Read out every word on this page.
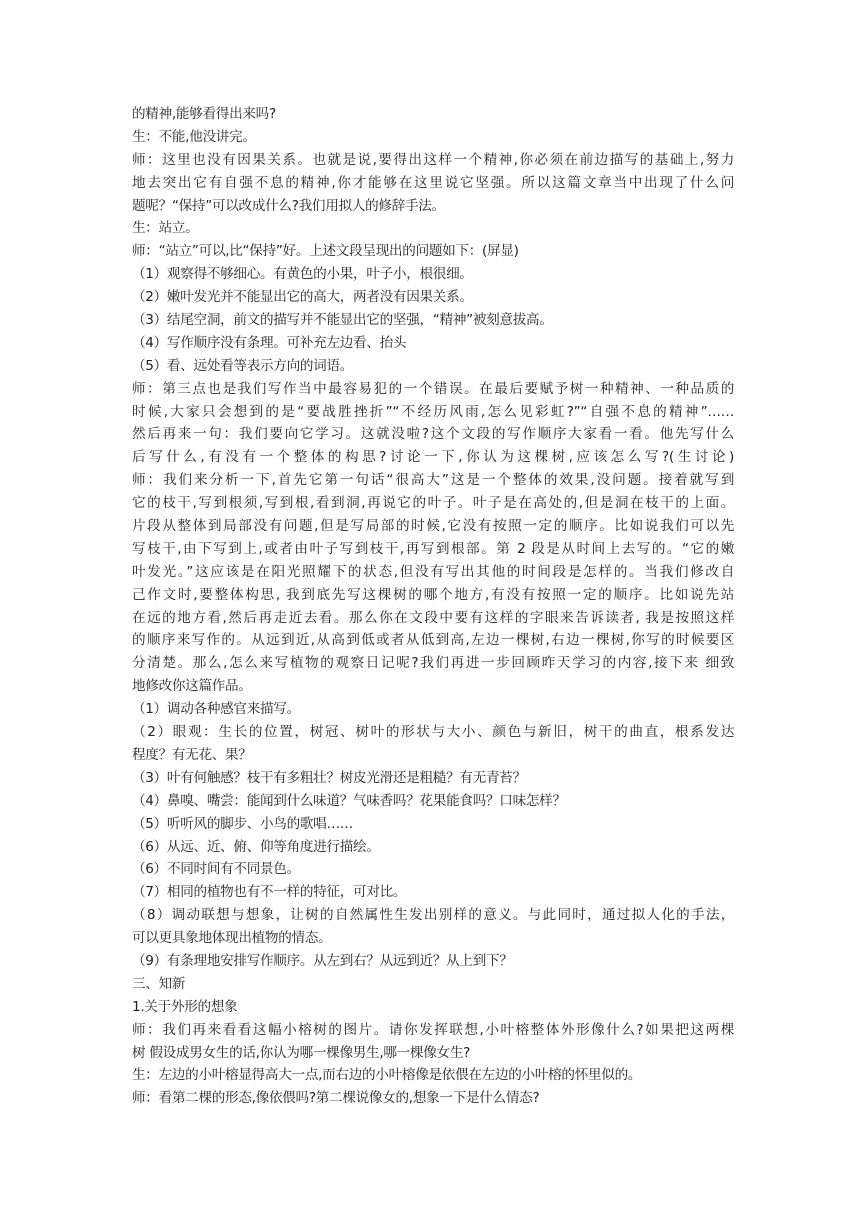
的精神,能够看得出来吗?
生：不能,他没讲完。
师：这里也没有因果关系。也就是说,要得出这样一个精神,你必须在前边描写的基础上,努力
地去突出它有自强不息的精神,你才能够在这里说它坚强。所以这篇文章当中出现了什么问
题呢？“保持”可以改成什么?我们用拟人的修辞手法。
生：站立。
师：“站立”可以,比“保持”好。上述文段呈现出的问题如下：(屏显)
（1）观察得不够细心。有黄色的小果，叶子小，根很细。
（2）嫩叶发光并不能显出它的高大，两者没有因果关系。
（3）结尾空洞，前文的描写并不能显出它的坚强，“精神”被刻意拔高。
（4）写作顺序没有条理。可补充左边看、抬头
（5）看、远处看等表示方向的词语。
师：第三点也是我们写作当中最容易犯的一个错误。在最后要赋予树一种精神、一种品质的
时候,大家只会想到的是“要战胜挫折”“不经历风雨,怎么见彩虹?”“自强不息的精神”……
然后再来一句：我们要向它学习。这就没啦?这个文段的写作顺序大家看一看。他先写什么
后写什么,有没有一个整体的构思?讨论一下,你认为这棵树,应该怎么写?(生讨论)
师：我们来分析一下,首先它第一句话“很高大”这是一个整体的效果,没问题。接着就写到
它的枝干,写到根须,写到根,看到洞,再说它的叶子。叶子是在高处的,但是洞在枝干的上面。
片段从整体到局部没有问题,但是写局部的时候,它没有按照一定的顺序。比如说我们可以先
写枝干,由下写到上,或者由叶子写到枝干,再写到根部。第 2 段是从时间上去写的。“它的嫩
叶发光。”这应该是在阳光照耀下的状态,但没有写出其他的时间段是怎样的。当我们修改自
己作文时,要整体构思, 我到底先写这棵树的哪个地方,有没有按照一定的顺序。比如说先站
在远的地方看,然后再走近去看。那么你在文段中要有这样的字眼来告诉读者, 我是按照这样
的顺序来写作的。从远到近,从高到低或者从低到高,左边一棵树,右边一棵树,你写的时候要区
分清楚。那么,怎么来写植物的观察日记呢?我们再进一步回顾昨天学习的内容,接下来 细致
地修改你这篇作品。
（1）调动各种感官来描写。
（2）眼观：生长的位置，树冠、树叶的形状与大小、颜色与新旧，树干的曲直，根系发达
程度？有无花、果？
（3）叶有何触感？枝干有多粗壮？树皮光滑还是粗糙？有无青苔？
（4）鼻嗅、嘴尝：能闻到什么味道？气味香吗？花果能食吗？口味怎样？
（5）听听风的脚步、小鸟的歌唱……
（6）从远、近、俯、仰等角度进行描绘。
（6）不同时间有不同景色。
（7）相同的植物也有不一样的特征，可对比。
（8）调动联想与想象，让树的自然属性生发出别样的意义。与此同时，通过拟人化的手法，
可以更具象地体现出植物的情态。
（9）有条理地安排写作顺序。从左到右？从远到近？从上到下？
三、知新
1.关于外形的想象
师：我们再来看看这幅小榕树的图片。请你发挥联想,小叶榕整体外形像什么?如果把这两棵
树 假设成男女生的话,你认为哪一棵像男生,哪一棵像女生?
生：左边的小叶榕显得高大一点,而右边的小叶榕像是依偎在左边的小叶榕的怀里似的。
师：看第二棵的形态,像依偎吗?第二棵说像女的,想象一下是什么情态?
